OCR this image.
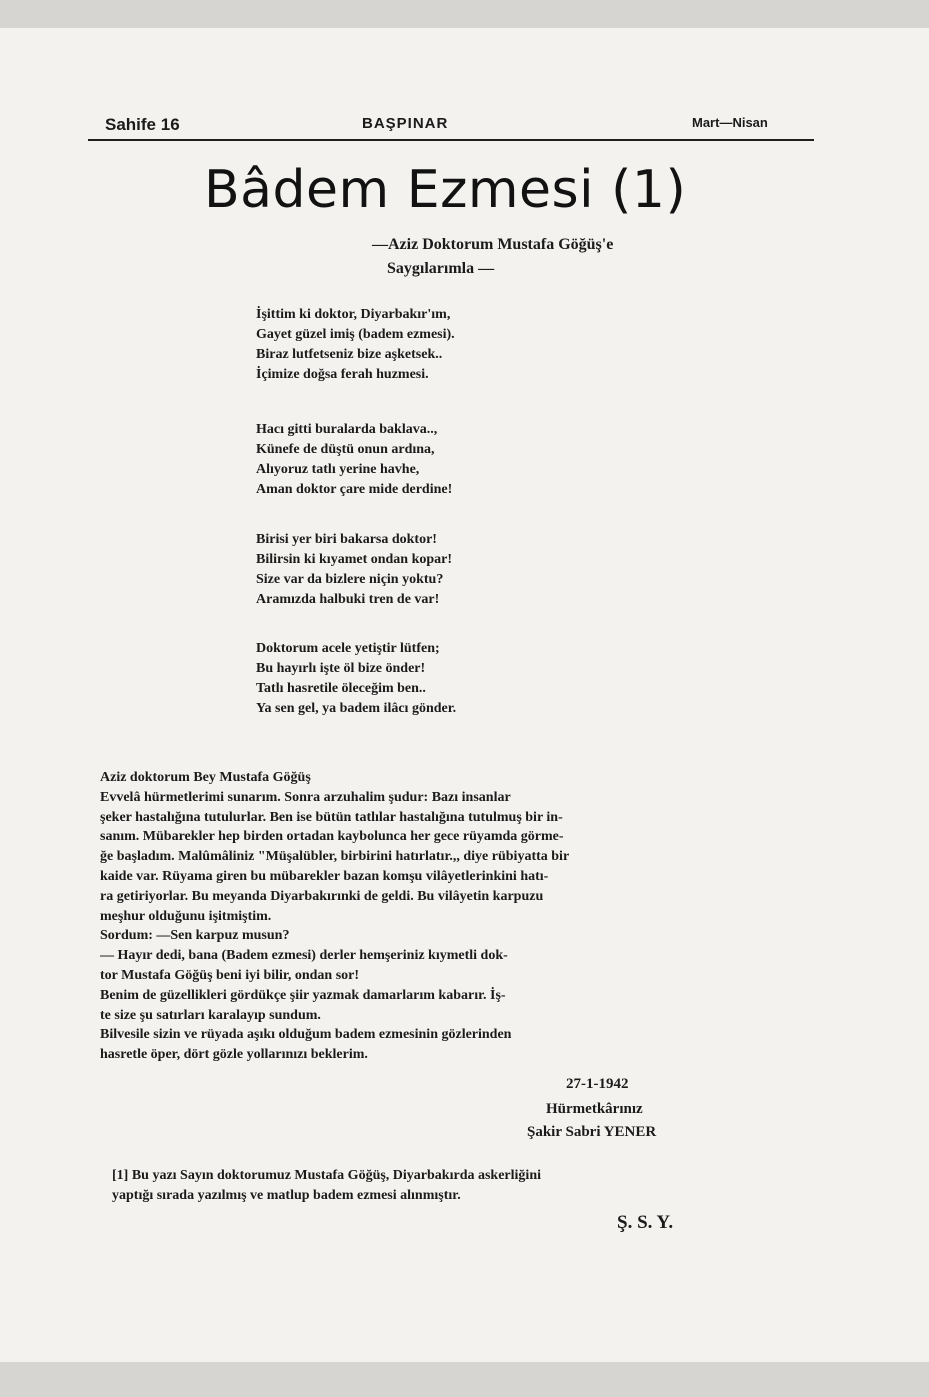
Sahife 16	BAŞPINAR	Mart—Nisan
Bâdem Ezmesi (1)
—Aziz Doktorum Mustafa Göğüş'e
Saygılarımla —
İşittim ki doktor, Diyarbakır'ım,
Gayet güzel imiş (badem ezmesi).
Biraz lutfetseniz bize aşketsek..
İçimize doğsa ferah huzmesi.
Hacı gitti buralarda baklava..,
Künefe de düştü onun ardına,
Alıyoruz tatlı yerine havhe,
Aman doktor çare mide derdine!
Birisi yer biri bakarsa doktor!
Bilirsin ki kıyamet ondan kopar!
Size var da bizlere niçin yoktu?
Aramızda halbuki tren de var!
Doktorum acele yetiştir lütfen;
Bu hayırlı işte öl bize önder!
Tatlı hasretile öleceğim ben..
Ya sen gel, ya badem ilâcı gönder.
Aziz doktorum Bey Mustafa Göğüş
Evvelâ hürmetlerimi sunarım. Sonra arzuhalim şudur: Bazı insanlar
şeker hastalığına tutulurlar. Ben ise bütün tatlılar hastalığına tutulmuş bir in-
sanım. Mübarekler hep birden ortadan kaybolunca her gece rüyamda görme-
ğe başladım. Malûmâliniz "Müşalübler, birbirini hatırlatır.,, diye rübiyatta bir
kaide var. Rüyama giren bu mübarekler bazan komşu vilâyetlerinkini hatı-
ra getiriyorlar. Bu meyanda Diyarbakırınki de geldi. Bu vilâyetin karpuzu
meşhur olduğunu işitmiştim.
Sordum: —Sen karpuz musun?
— Hayır dedi, bana (Badem ezmesi) derler hemşeriniz kıymetli dok-
tor Mustafa Göğüş beni iyi bilir, ondan sor!
Benim de güzellikleri gördükçe şiir yazmak damarlarım kabarır. İş-
te size şu satırları karalayıp sundum.
Bilvesile sizin ve rüyada aşıkı olduğum badem ezmesinin gözlerinden
hasretle öper, dört gözle yollarınızı beklerim.
27-1-1942
Hürmetkârınız
Şakir Sabri YENER
[1] Bu yazı Sayın doktorumuz Mustafa Göğüş, Diyarbakırda askerliğini
yaptığı sırada yazılmış ve matlup badem ezmesi alınmıştır.
Ş. S. Y.
